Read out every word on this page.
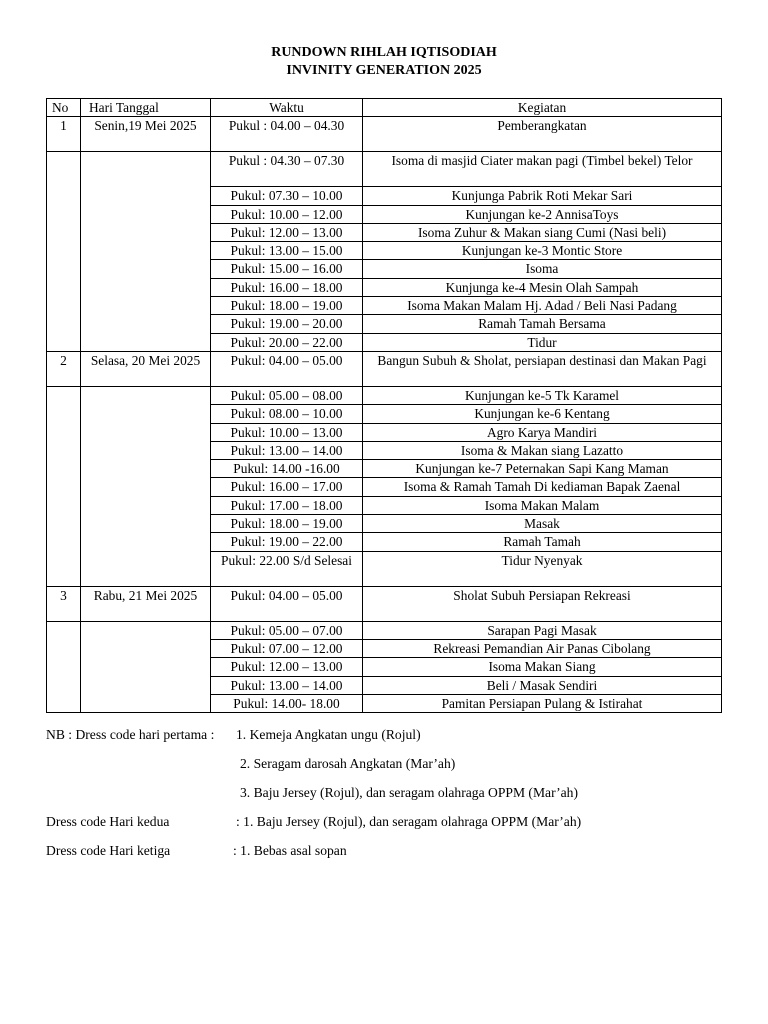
RUNDOWN RIHLAH IQTISODIAH
INVINITY GENERATION 2025
No	Hari Tanggal	Waktu	Kegiatan
1	Senin,19 Mei 2025	Pukul : 04.00 – 04.30	Pemberangkatan
		Pukul : 04.30 – 07.30	Isoma di masjid Ciater makan pagi (Timbel bekel) Telor
		Pukul: 07.30 – 10.00	Kunjunga Pabrik Roti Mekar Sari
		Pukul: 10.00 – 12.00	Kunjungan ke-2 AnnisaToys
		Pukul: 12.00 – 13.00	Isoma Zuhur & Makan siang Cumi (Nasi beli)
		Pukul: 13.00 – 15.00	Kunjungan ke-3 Montic Store
		Pukul: 15.00 – 16.00	Isoma
		Pukul: 16.00 – 18.00	Kunjunga ke-4 Mesin Olah Sampah
		Pukul: 18.00 – 19.00	Isoma Makan Malam Hj. Adad / Beli Nasi Padang
		Pukul: 19.00 – 20.00	Ramah Tamah Bersama
		Pukul: 20.00 – 22.00	Tidur
2	Selasa, 20 Mei 2025	Pukul: 04.00 – 05.00	Bangun Subuh & Sholat, persiapan destinasi dan Makan Pagi
		Pukul: 05.00 – 08.00	Kunjungan ke-5 Tk Karamel
		Pukul: 08.00 – 10.00	Kunjungan ke-6 Kentang
		Pukul: 10.00 – 13.00	Agro Karya Mandiri
		Pukul: 13.00 – 14.00	Isoma & Makan siang Lazatto
		Pukul: 14.00 -16.00	Kunjungan ke-7 Peternakan Sapi Kang Maman
		Pukul: 16.00 – 17.00	Isoma & Ramah Tamah Di kediaman Bapak Zaenal
		Pukul: 17.00 – 18.00	Isoma Makan Malam
		Pukul: 18.00 – 19.00	Masak
		Pukul: 19.00 – 22.00	Ramah Tamah
		Pukul: 22.00 S/d Selesai	Tidur Nyenyak
3	Rabu, 21 Mei 2025	Pukul: 04.00 – 05.00	Sholat Subuh Persiapan Rekreasi
		Pukul: 05.00 – 07.00	Sarapan Pagi Masak
		Pukul: 07.00 – 12.00	Rekreasi Pemandian Air Panas Cibolang
		Pukul: 12.00 – 13.00	Isoma Makan Siang
		Pukul: 13.00 – 14.00	Beli / Masak Sendiri
		Pukul: 14.00- 18.00	Pamitan Persiapan Pulang & Istirahat
NB : Dress code hari pertama : 1. Kemeja Angkatan ungu (Rojul)
2. Seragam darosah Angkatan (Mar’ah)
3. Baju Jersey (Rojul), dan seragam olahraga OPPM (Mar’ah)
Dress code Hari kedua	: 1. Baju Jersey (Rojul), dan seragam olahraga OPPM (Mar’ah)
Dress code Hari ketiga	: 1. Bebas asal sopan
